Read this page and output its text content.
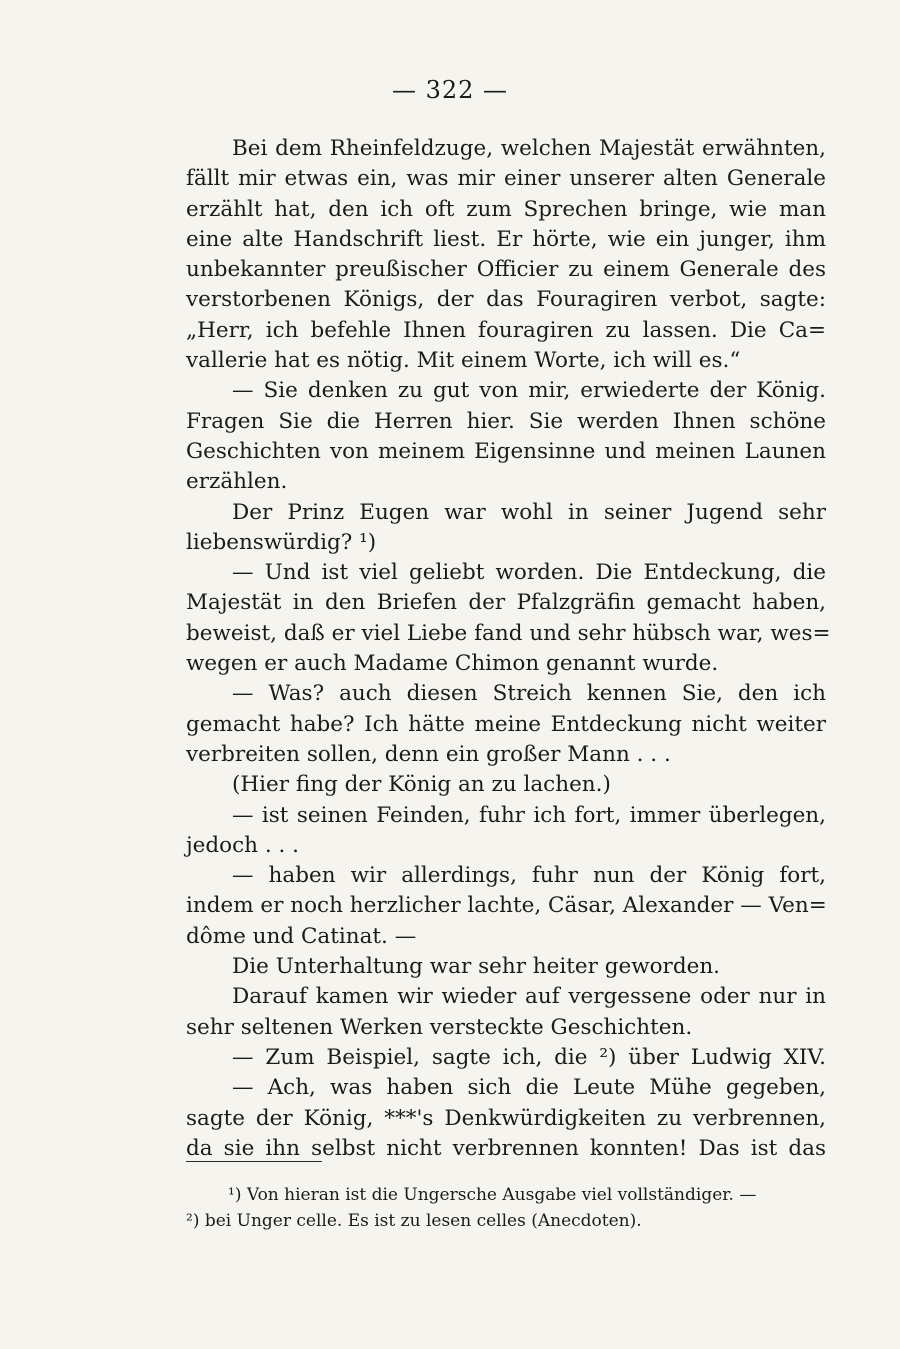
— 322 —
Bei dem Rheinfeldzuge, welchen Majestät erwähnten,
fällt mir etwas ein, was mir einer unserer alten Generale
erzählt hat, den ich oft zum Sprechen bringe, wie man
eine alte Handschrift liest. Er hörte, wie ein junger, ihm
unbekannter preußischer Officier zu einem Generale des
verstorbenen Königs, der das Fouragiren verbot, sagte:
„Herr, ich befehle Ihnen fouragiren zu lassen. Die Ca=
vallerie hat es nötig. Mit einem Worte, ich will es.“
— Sie denken zu gut von mir, erwiederte der König.
Fragen Sie die Herren hier. Sie werden Ihnen schöne
Geschichten von meinem Eigensinne und meinen Launen
erzählen.
Der Prinz Eugen war wohl in seiner Jugend sehr
liebenswürdig? ¹)
— Und ist viel geliebt worden. Die Entdeckung, die
Majestät in den Briefen der Pfalzgräfin gemacht haben,
beweist, daß er viel Liebe fand und sehr hübsch war, wes=
wegen er auch Madame Chimon genannt wurde.
— Was? auch diesen Streich kennen Sie, den ich
gemacht habe? Ich hätte meine Entdeckung nicht weiter
verbreiten sollen, denn ein großer Mann . . .
(Hier fing der König an zu lachen.)
— ist seinen Feinden, fuhr ich fort, immer überlegen,
jedoch . . .
— haben wir allerdings, fuhr nun der König fort,
indem er noch herzlicher lachte, Cäsar, Alexander — Ven=
dôme und Catinat. —
Die Unterhaltung war sehr heiter geworden.
Darauf kamen wir wieder auf vergessene oder nur in
sehr seltenen Werken versteckte Geschichten.
— Zum Beispiel, sagte ich, die ²) über Ludwig XIV.
— Ach, was haben sich die Leute Mühe gegeben,
sagte der König, ***'s Denkwürdigkeiten zu verbrennen,
da sie ihn selbst nicht verbrennen konnten! Das ist das
¹) Von hieran ist die Ungersche Ausgabe viel vollständiger. —
²) bei Unger celle. Es ist zu lesen celles (Anecdoten).
